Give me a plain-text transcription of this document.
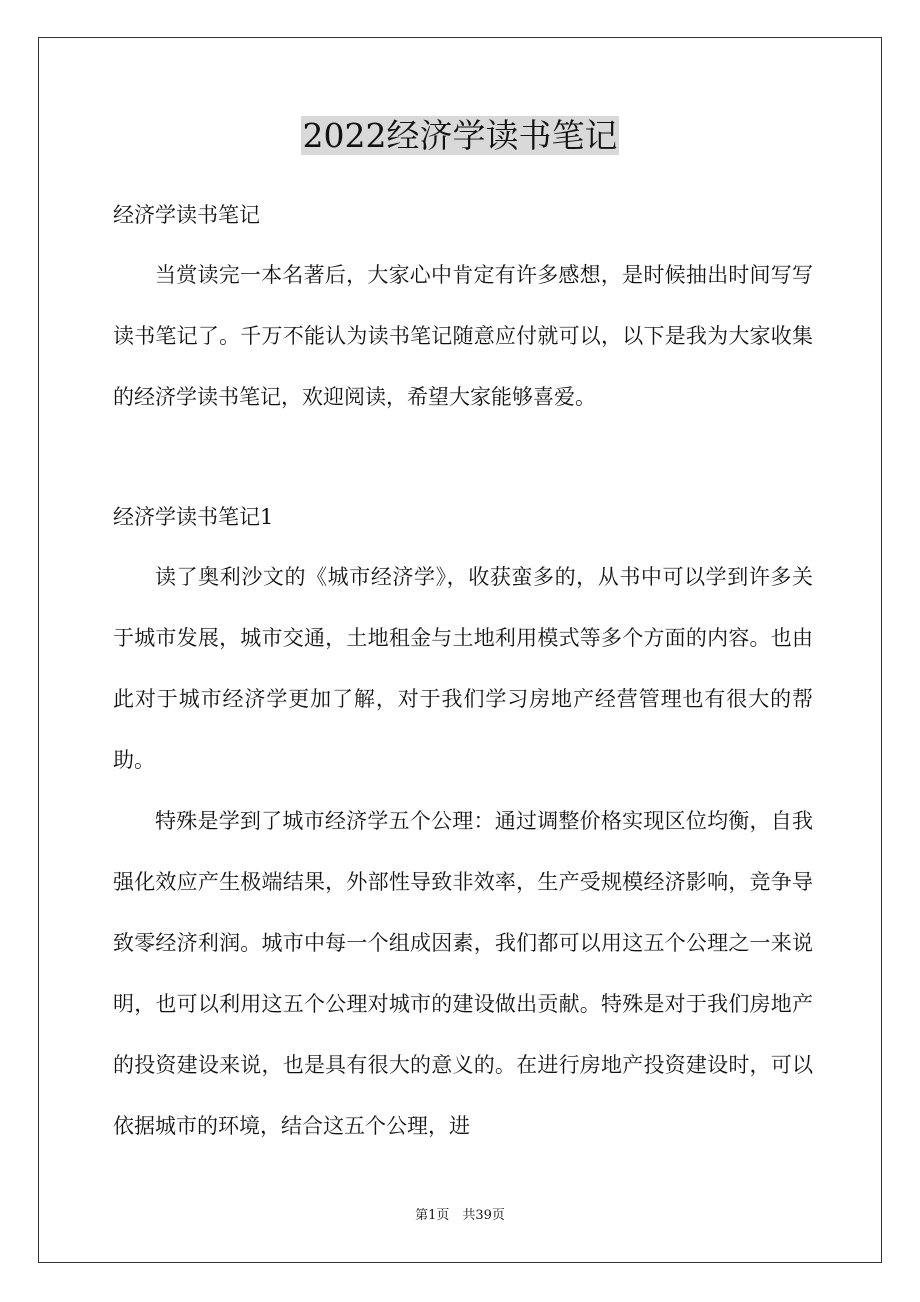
2022经济学读书笔记
经济学读书笔记

当赏读完一本名著后，大家心中肯定有许多感想，是时候抽出时间写写读书笔记了。千万不能认为读书笔记随意应付就可以，以下是我为大家收集的经济学读书笔记，欢迎阅读，希望大家能够喜爱。

经济学读书笔记1

读了奥利沙文的《城市经济学》，收获蛮多的，从书中可以学到许多关于城市发展，城市交通，土地租金与土地利用模式等多个方面的内容。也由此对于城市经济学更加了解，对于我们学习房地产经营管理也有很大的帮助。

特殊是学到了城市经济学五个公理：通过调整价格实现区位均衡，自我强化效应产生极端结果，外部性导致非效率，生产受规模经济影响，竞争导致零经济利润。城市中每一个组成因素，我们都可以用这五个公理之一来说明，也可以利用这五个公理对城市的建设做出贡献。特殊是对于我们房地产的投资建设来说，也是具有很大的意义的。在进行房地产投资建设时，可以依据城市的环境，结合这五个公理，进

第1页　共39页
